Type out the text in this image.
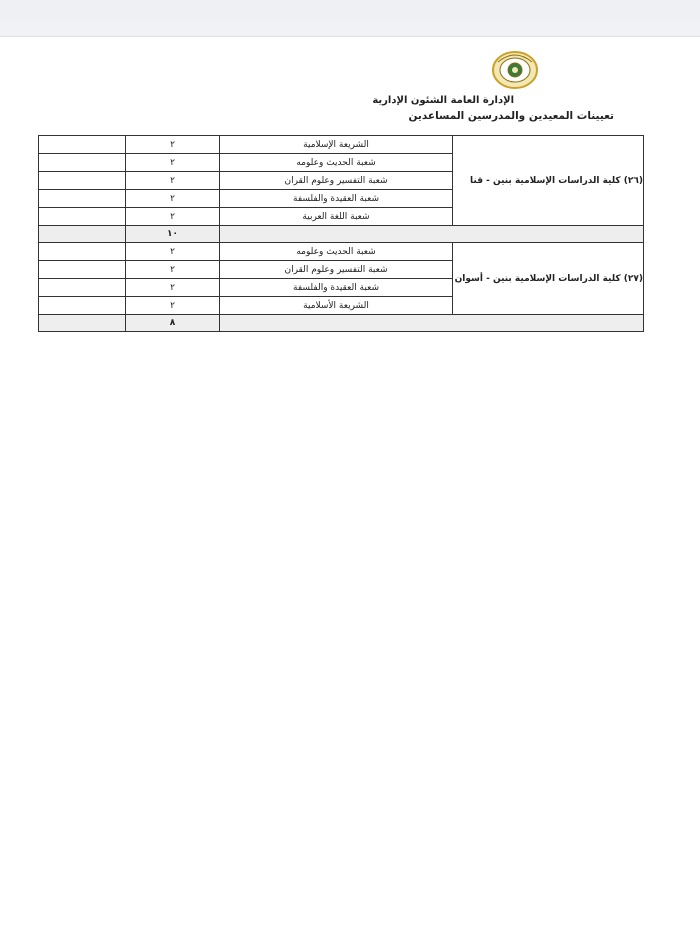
الإدارة العامة الشئون الإدارية
تعيينات المعيدين والمدرسين المساعدين
	٢	الشريعة الإسلامية	(٢٦) كلية الدراسات الإسلامية بنين - قنا
	٢	شعبة الحديث وعلومه	
	٢	شعبة التفسير وعلوم القران	
	٢	شعبة العقيدة والفلسفة	
	٢	شعبة اللغة العربية	
	١٠		
	٢	شعبة الحديث وعلومه	(٢٧) كلية الدراسات الإسلامية بنين - أسوان
	٢	شعبة التفسير وعلوم القران	
	٢	شعبة العقيدة والفلسفة	
	٢	الشريعة الأسلامية	
	٨		
